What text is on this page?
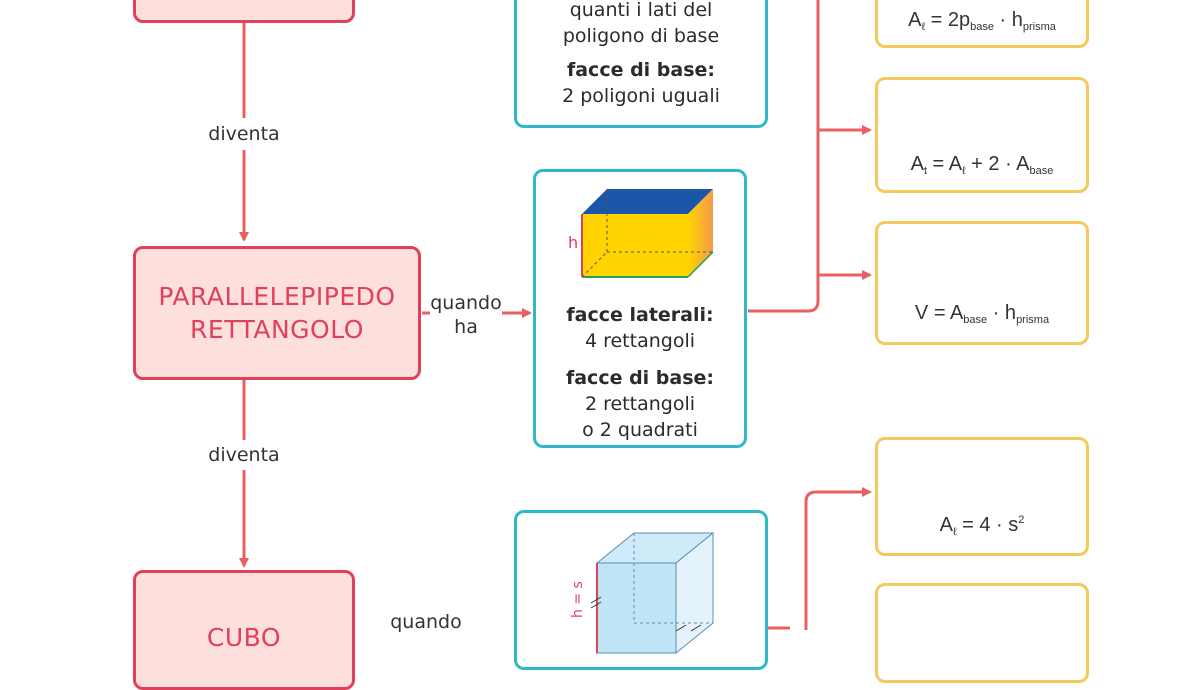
PARALLELEPIPEDO
RETTANGOLO
CUBO
diventa
diventa
quando
ha
quando
quanti i lati del
poligono di base
facce di base:
2 poligoni uguali
h
facce laterali:
4 rettangoli
facce di base:
2 rettangoli
o 2 quadrati
h = s
$A_\ell = 2p_{base} \cdot h_{prisma}$
$A_t = A_\ell + 2 \cdot A_{base}$
$V = A_{base} \cdot h_{prisma}$
$A_\ell = 4 \cdot s^2$
